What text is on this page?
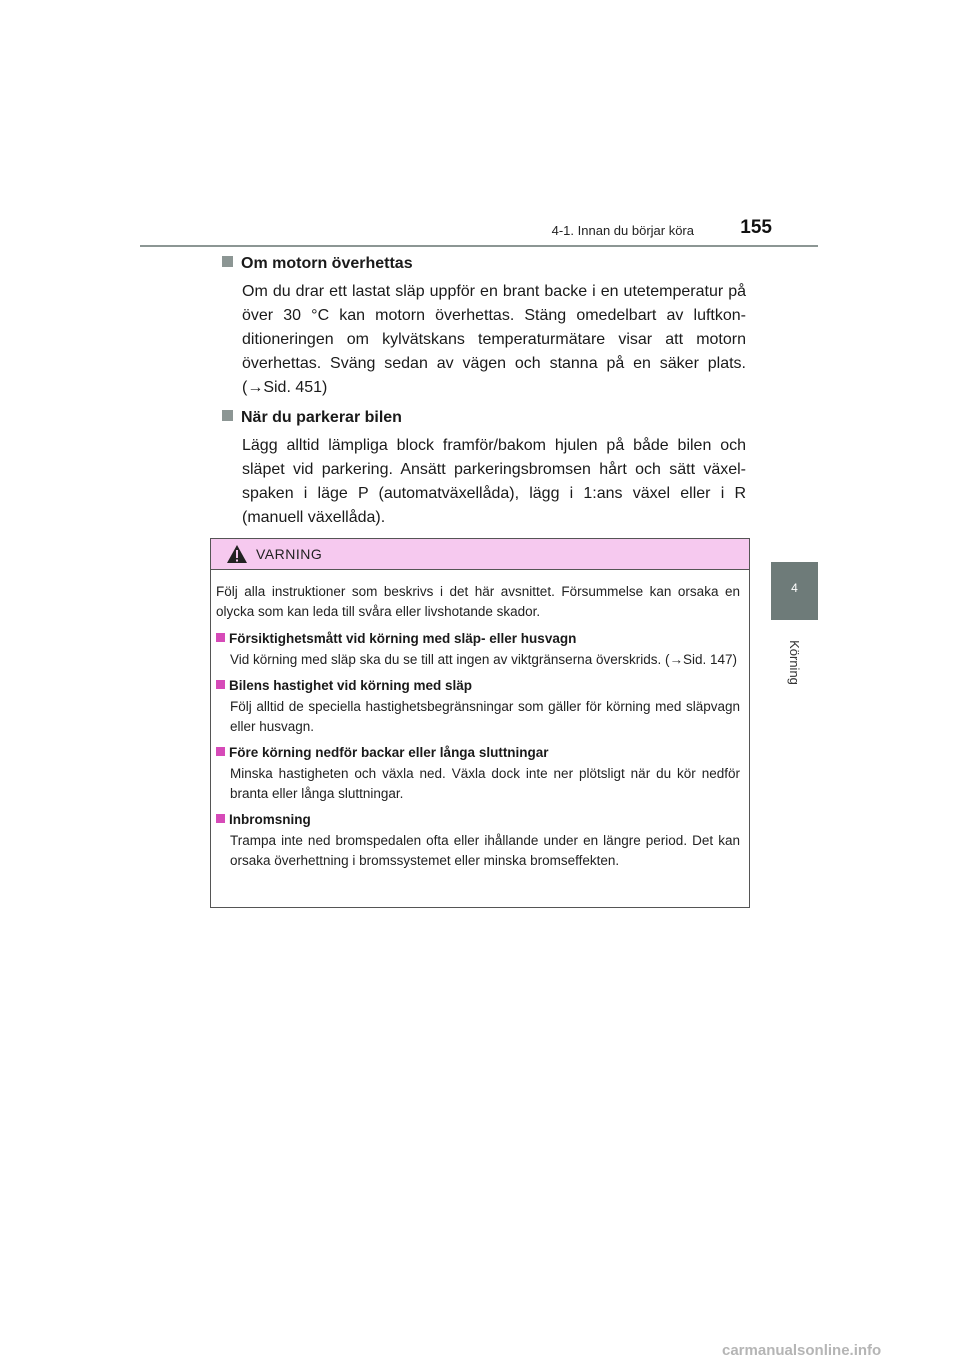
4-1. Innan du börjar köra 155
4
Körning
Om motorn överhettas
Om du drar ett lastat släp uppför en brant backe i en utetemperatur på över 30 °C kan motorn överhettas. Stäng omedelbart av luftkon-ditioneringen om kylvätskans temperaturmätare visar att motorn överhettas. Sväng sedan av vägen och stanna på en säker plats. (→Sid. 451)
När du parkerar bilen
Lägg alltid lämpliga block framför/bakom hjulen på både bilen och släpet vid parkering. Ansätt parkeringsbromsen hårt och sätt växel-spaken i läge P (automatväxellåda), lägg i 1:ans växel eller i R (manuell växellåda).
VARNING
Följ alla instruktioner som beskrivs i det här avsnittet. Försummelse kan orsaka en olycka som kan leda till svåra eller livshotande skador.
Försiktighetsmått vid körning med släp- eller husvagn
Vid körning med släp ska du se till att ingen av viktgränserna överskrids. (→Sid. 147)
Bilens hastighet vid körning med släp
Följ alltid de speciella hastighetsbegränsningar som gäller för körning med släpvagn eller husvagn.
Före körning nedför backar eller långa sluttningar
Minska hastigheten och växla ned. Växla dock inte ner plötsligt när du kör nedför branta eller långa sluttningar.
Inbromsning
Trampa inte ned bromspedalen ofta eller ihållande under en längre period. Det kan orsaka överhettning i bromssystemet eller minska bromseffekten.
carmanualsonline.info
